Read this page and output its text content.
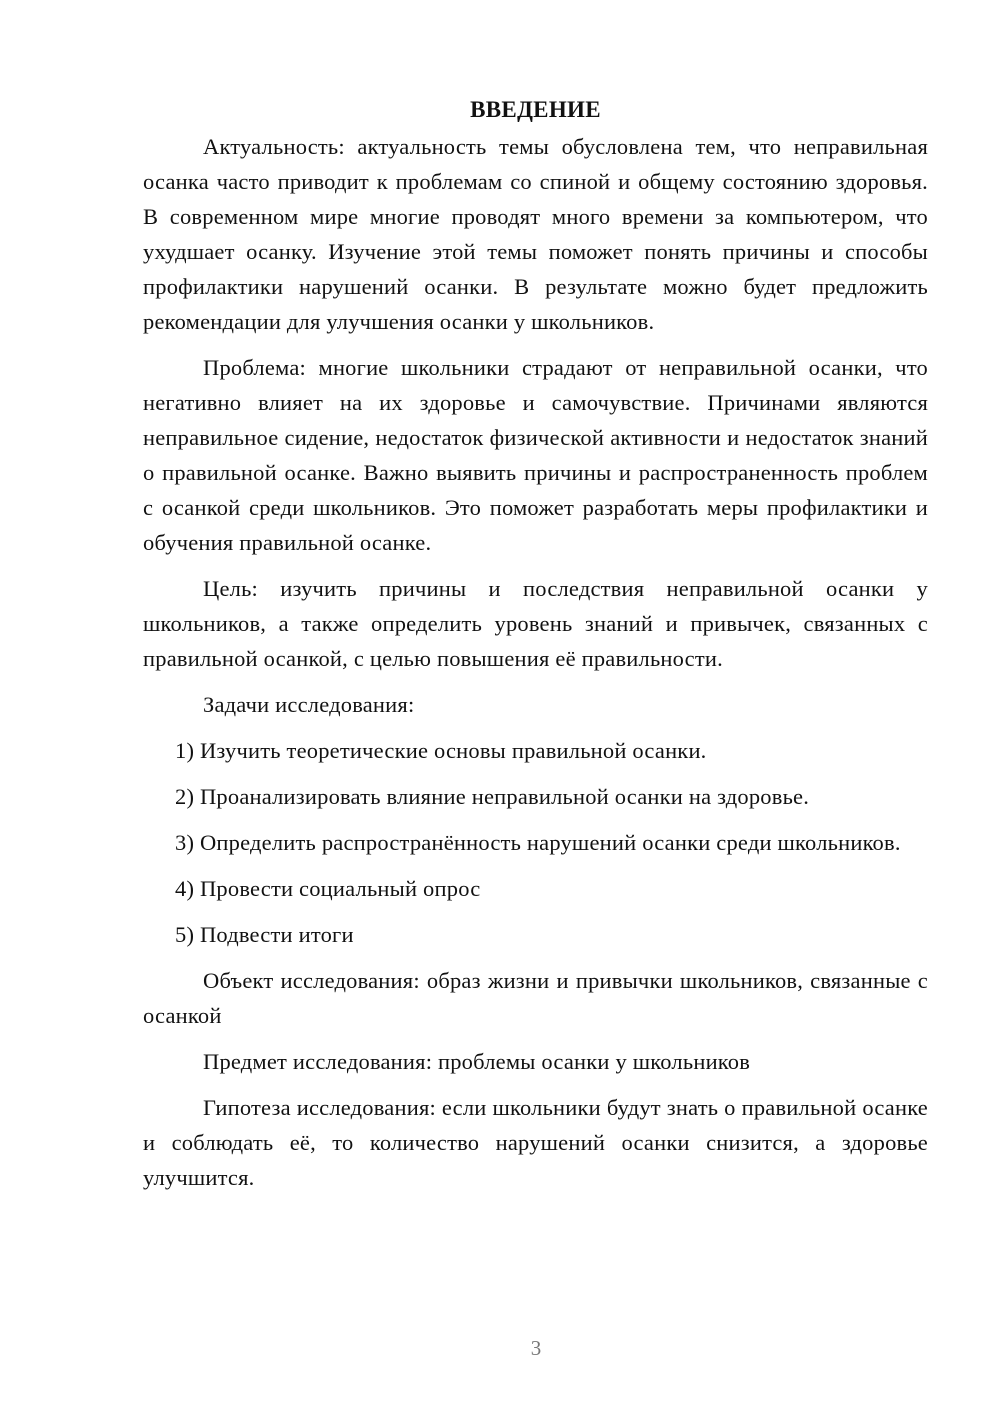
ВВЕДЕНИЕ

Актуальность: актуальность темы обусловлена тем, что неправильная осанка часто приводит к проблемам со спиной и общему состоянию здоровья. В современном мире многие проводят много времени за компьютером, что ухудшает осанку. Изучение этой темы поможет понять причины и способы профилактики нарушений осанки. В результате можно будет предложить рекомендации для улучшения осанки у школьников.

Проблема: многие школьники страдают от неправильной осанки, что негативно влияет на их здоровье и самочувствие. Причинами являются неправильное сидение, недостаток физической активности и недостаток знаний о правильной осанке. Важно выявить причины и распространенность проблем с осанкой среди школьников. Это поможет разработать меры профилактики и обучения правильной осанке.

Цель: изучить причины и последствия неправильной осанки у школьников, а также определить уровень знаний и привычек, связанных с правильной осанкой, с целью повышения её правильности.

Задачи исследования:

1) Изучить теоретические основы правильной осанки.

2) Проанализировать влияние неправильной осанки на здоровье.

3) Определить распространённость нарушений осанки среди школьников.

4) Провести социальный опрос

5) Подвести итоги

Объект исследования: образ жизни и привычки школьников, связанные с осанкой

Предмет исследования: проблемы осанки у школьников

Гипотеза исследования: если школьники будут знать о правильной осанке и соблюдать её, то количество нарушений осанки снизится, а здоровье улучшится.

3
